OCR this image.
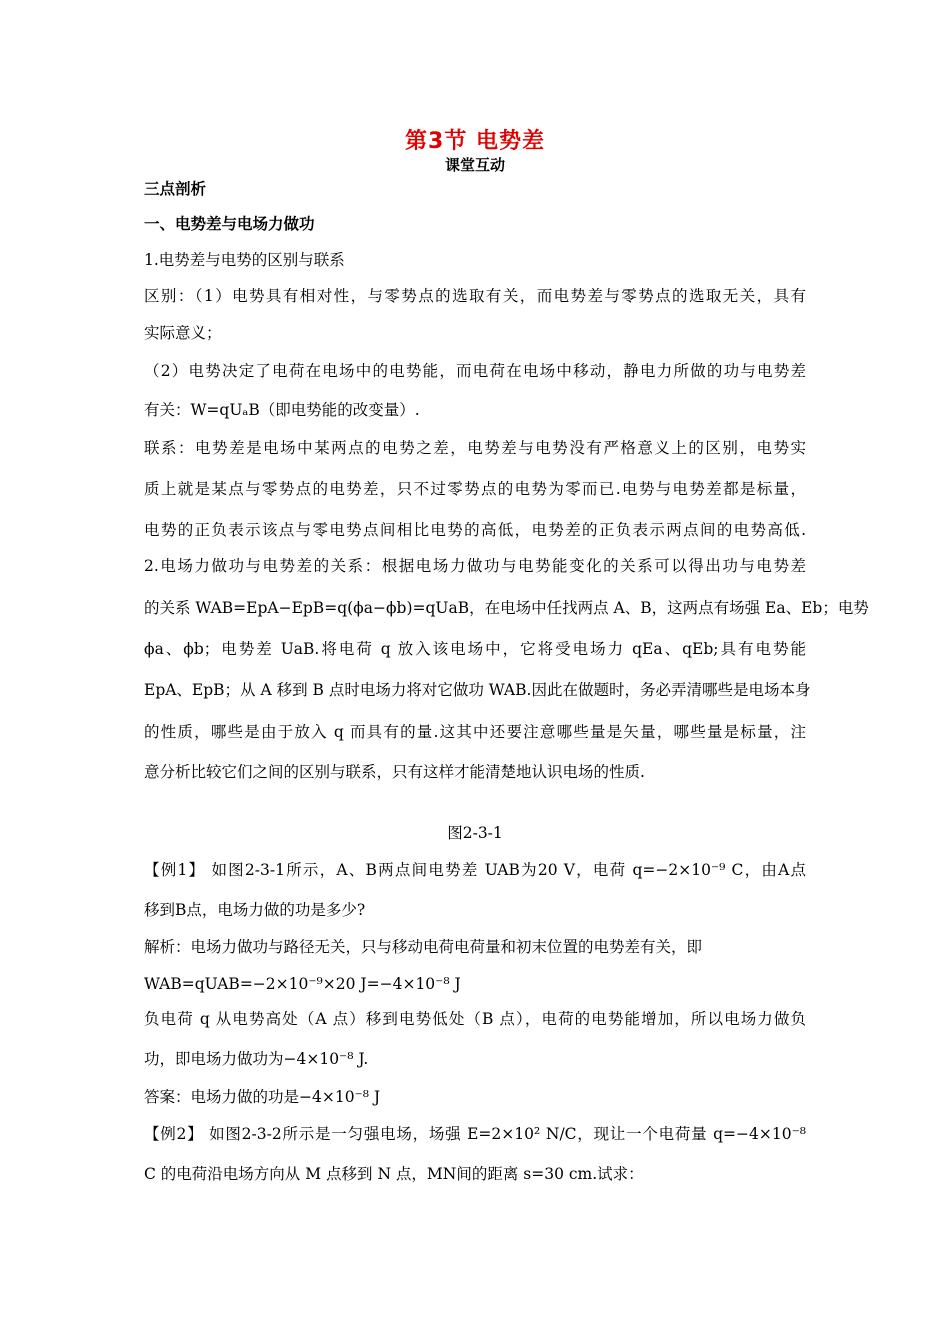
第3节 电势差
课堂互动
三点剖析
一、电势差与电场力做功
1.电势差与电势的区别与联系
区别：（1）电势具有相对性，与零势点的选取有关，而电势差与零势点的选取无关，具有
实际意义；
（2）电势决定了电荷在电场中的电势能，而电荷在电场中移动，静电力所做的功与电势差
有关：W=qUₐB（即电势能的改变量）.
联系：电势差是电场中某两点的电势之差，电势差与电势没有严格意义上的区别，电势实
质上就是某点与零势点的电势差，只不过零势点的电势为零而已.电势与电势差都是标量，
电势的正负表示该点与零电势点间相比电势的高低，电势差的正负表示两点间的电势高低.
2.电场力做功与电势差的关系：根据电场力做功与电势能变化的关系可以得出功与电势差
的关系 WAB=EpA−EpB=q(ϕa−ϕb)=qUaB，在电场中任找两点 A、B，这两点有场强 Ea、Eb；电势
ϕa、ϕb；电势差 UaB.将电荷 q 放入该电场中，它将受电场力 qEa、qEb;具有电势能
EpA、EpB；从 A 移到 B 点时电场力将对它做功 WAB.因此在做题时，务必弄清哪些是电场本身
的性质，哪些是由于放入 q 而具有的量.这其中还要注意哪些量是矢量，哪些量是标量，注
意分析比较它们之间的区别与联系，只有这样才能清楚地认识电场的性质.
图2-3-1
【例1】 如图2-3-1所示，A、B两点间电势差 UAB为20 V，电荷 q=−2×10⁻⁹ C，由A点
移到B点，电场力做的功是多少?
解析：电场力做功与路径无关，只与移动电荷电荷量和初末位置的电势差有关，即
WAB=qUAB=−2×10⁻⁹×20 J=−4×10⁻⁸ J
负电荷 q 从电势高处（A 点）移到电势低处（B 点），电荷的电势能增加，所以电场力做负
功，即电场力做功为−4×10⁻⁸ J.
答案：电场力做的功是−4×10⁻⁸ J
【例2】 如图2-3-2所示是一匀强电场，场强 E=2×10² N/C，现让一个电荷量 q=−4×10⁻⁸
C 的电荷沿电场方向从 M 点移到 N 点，MN间的距离 s=30 cm.试求：
